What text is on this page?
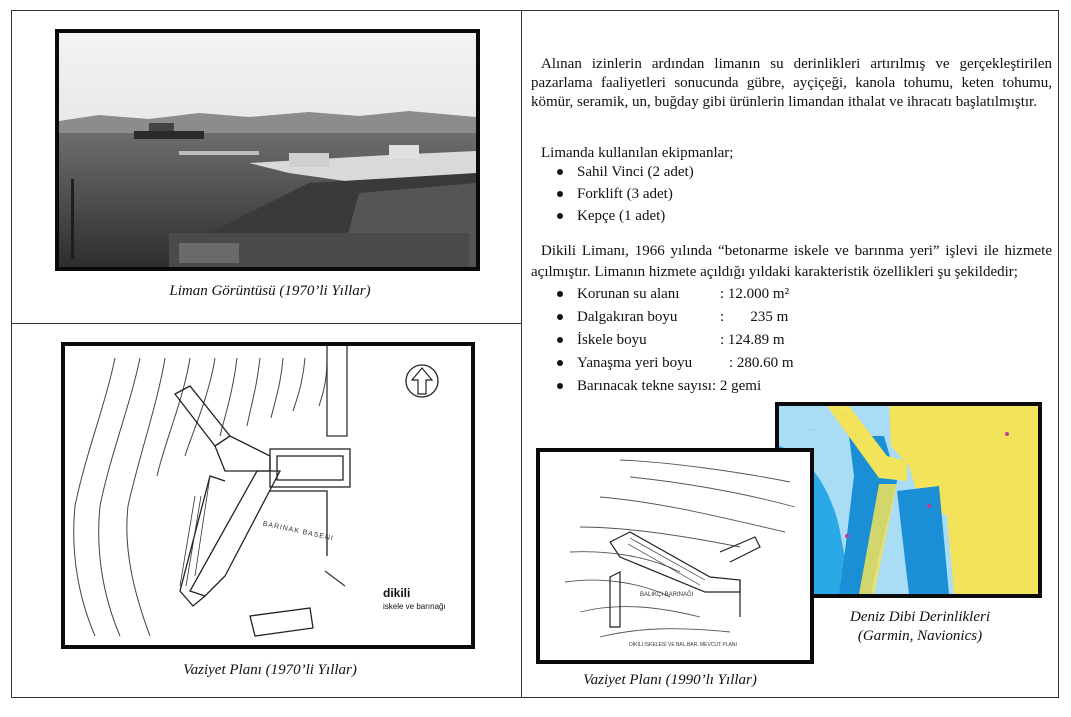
Liman Görüntüsü (1970’li Yıllar)
BARINAK BASENI
dikili
iskele ve barınağı
Vaziyet Planı (1970’li Yıllar)
Alınan izinlerin ardından limanın su derinlikleri artırılmış ve gerçekleştirilen pazarlama faaliyetleri sonucunda gübre, ayçiçeği, kanola tohumu, keten tohumu, kömür, seramik, un, buğday gibi ürünlerin limandan ithalat ve ihracatı başlatılmıştır.
Limanda kullanılan ekipmanlar;
Sahil Vinci (2 adet)
Forklift (3 adet)
Kepçe (1 adet)
Dikili Limanı, 1966 yılında “betonarme iskele ve barınma yeri” işlevi ile hizmete açılmıştır. Limanın hizmete açıldığı yıldaki karakteristik özellikleri şu şekildedir;
Korunan su alanı	: 12.000 m²
Dalgakıran boyu	:       235 m
İskele boyu	: 124.89 m
Yanaşma yeri boyu : 280.60 m
Barınacak tekne sayısı: 2 gemi
· ·
· · ·
· ·
Deniz Dibi Derinlikleri
(Garmin, Navionics)
BALIKÇI BARINAĞI
DİKİLİ İSKELESİ VE BAL.BAR. MEVCUT PLANI
Vaziyet Planı (1990’lı Yıllar)
